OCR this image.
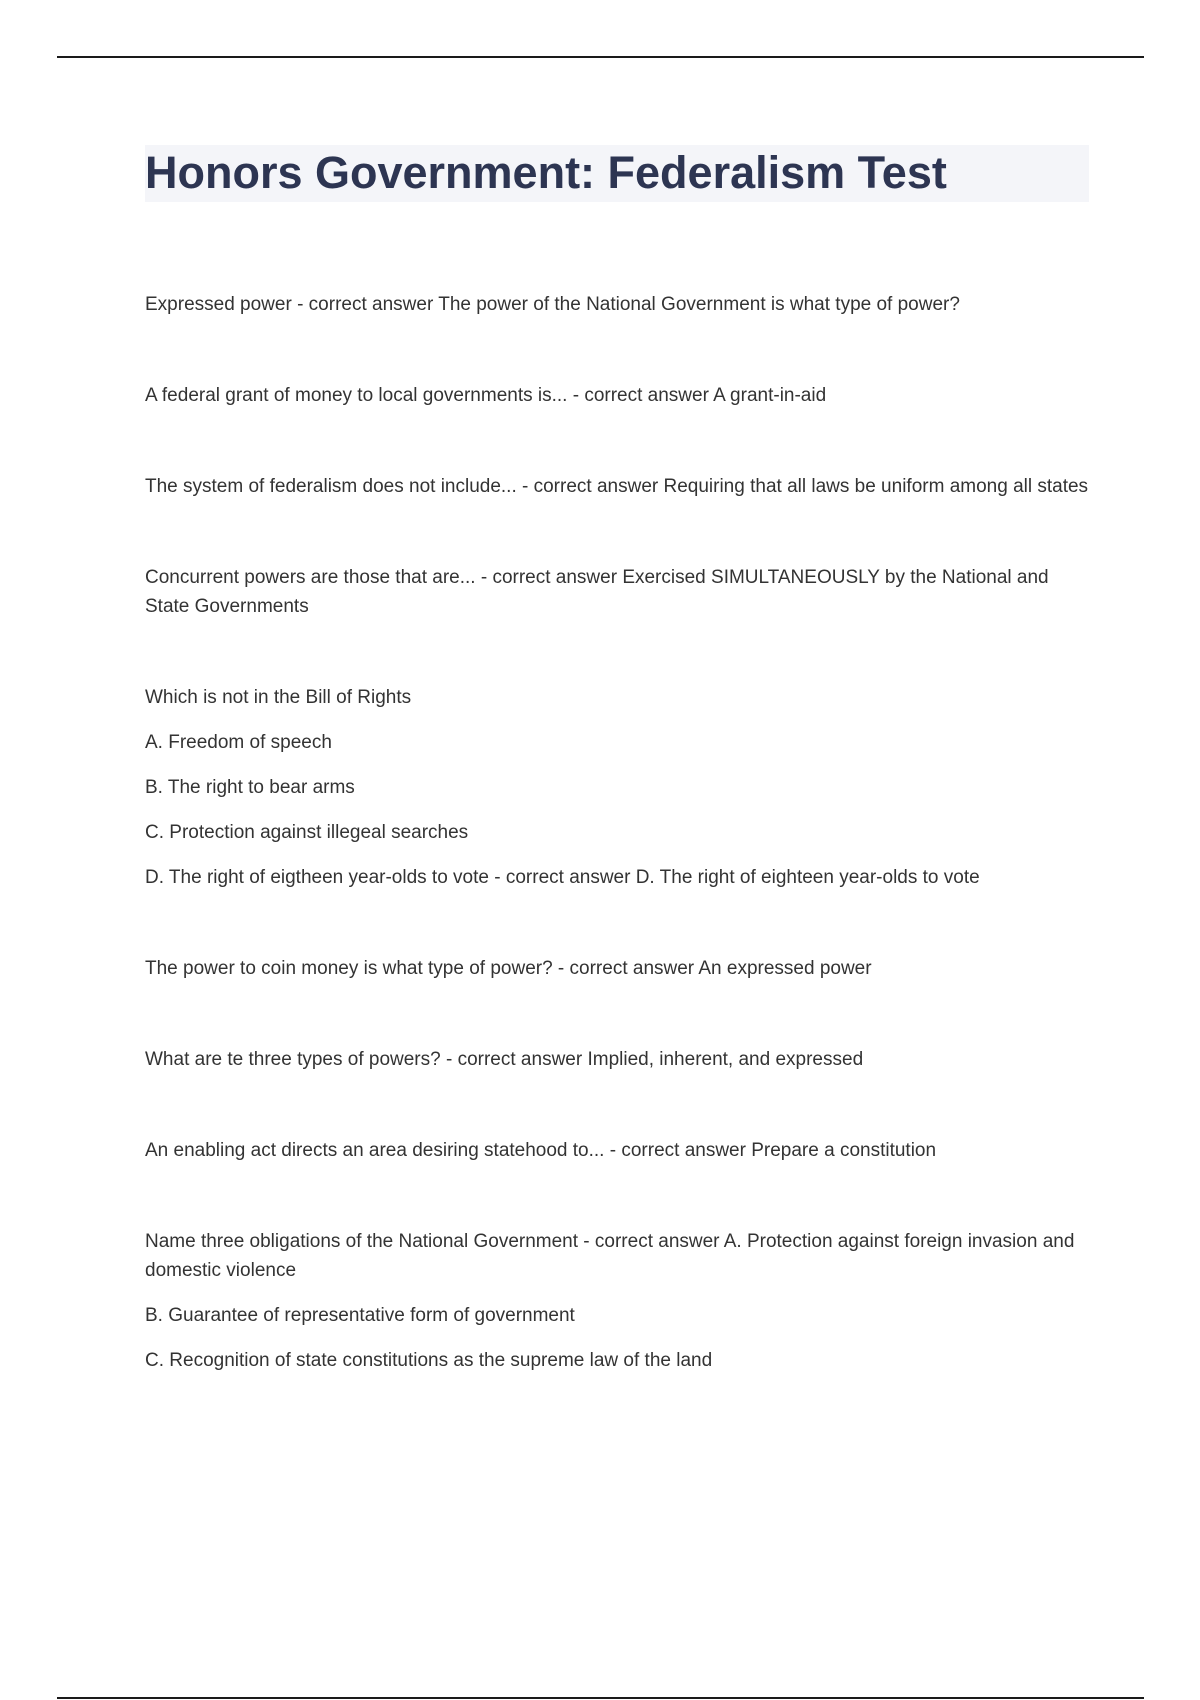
Honors Government: Federalism Test

Expressed power - correct answer The power of the National Government is what type of power?

A federal grant of money to local governments is... - correct answer A grant-in-aid

The system of federalism does not include... - correct answer Requiring that all laws be uniform among all states

Concurrent powers are those that are... - correct answer Exercised SIMULTANEOUSLY by the National and State Governments

Which is not in the Bill of Rights

A. Freedom of speech

B. The right to bear arms

C. Protection against illegeal searches

D. The right of eigtheen year-olds to vote - correct answer D. The right of eighteen year-olds to vote

The power to coin money is what type of power? - correct answer An expressed power

What are te three types of powers? - correct answer Implied, inherent, and expressed

An enabling act directs an area desiring statehood to... - correct answer Prepare a constitution

Name three obligations of the National Government - correct answer A. Protection against foreign invasion and domestic violence

B. Guarantee of representative form of government

C. Recognition of state constitutions as the supreme law of the land
